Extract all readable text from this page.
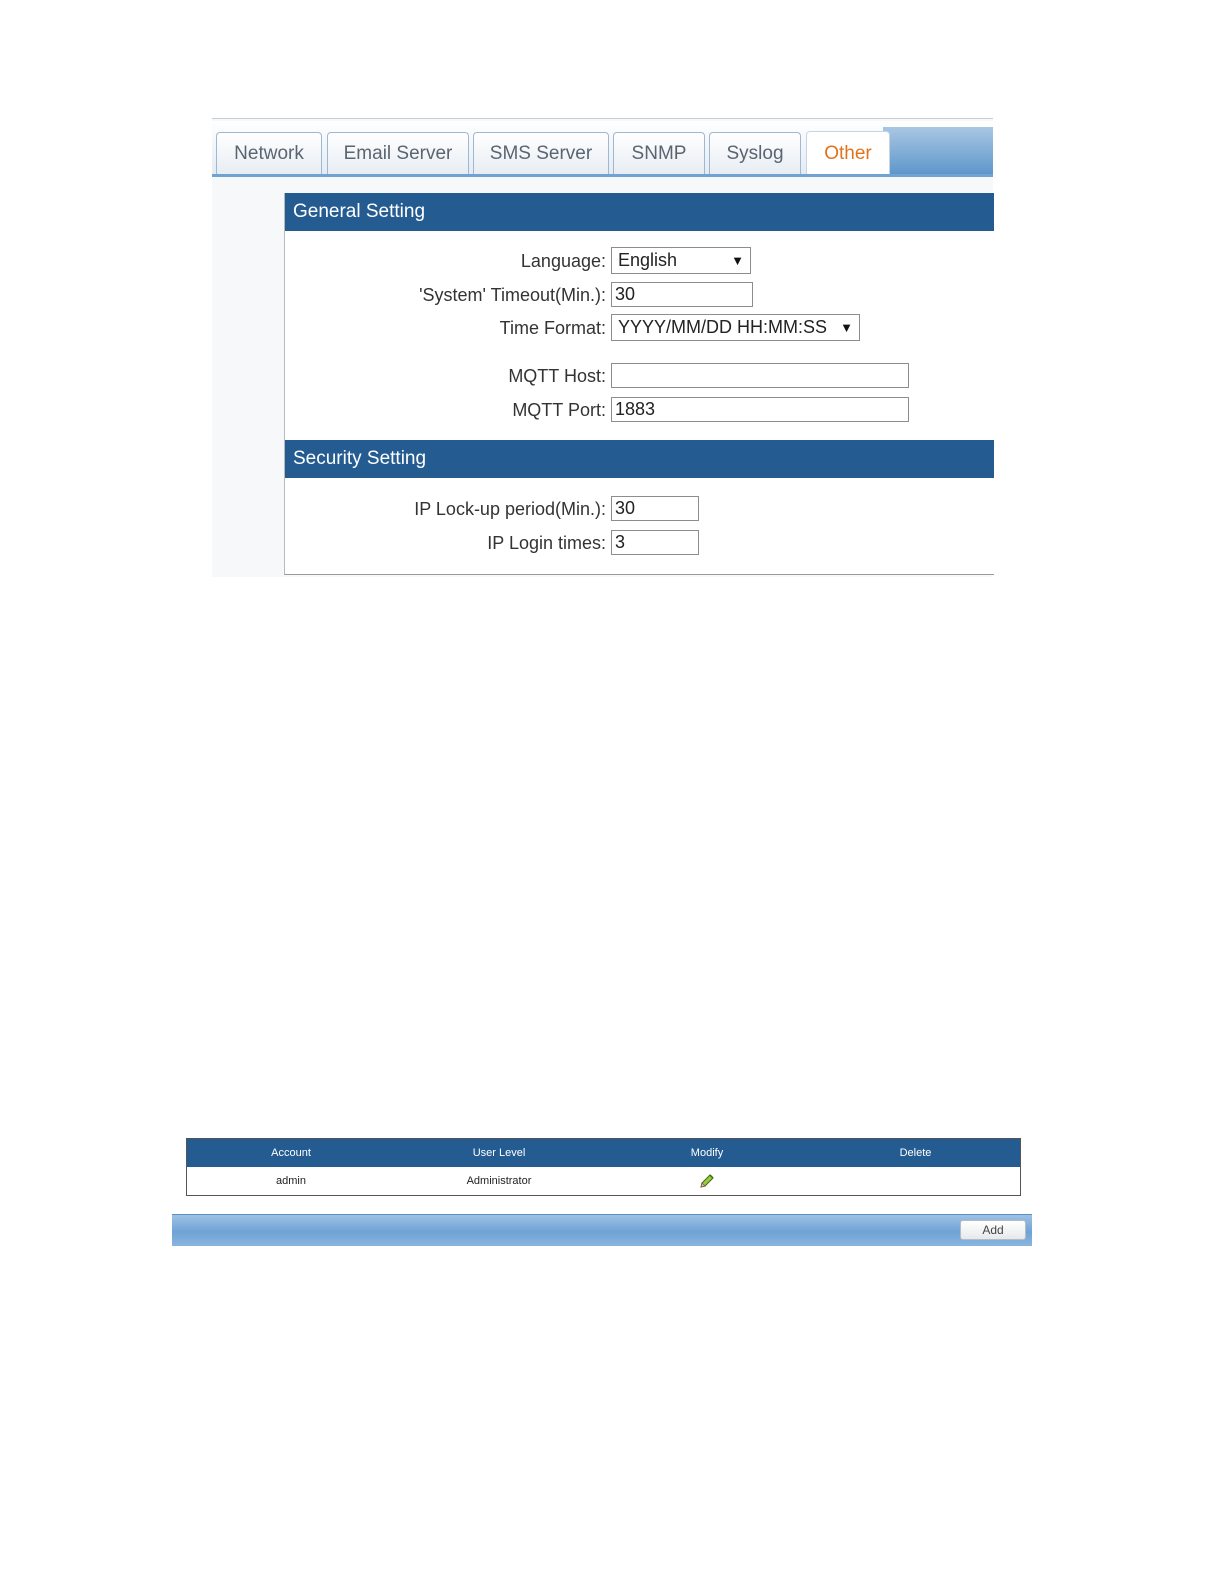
Network	Email Server	SMS Server	SNMP	Syslog	Other
General Setting
Language: English	▼
'System' Timeout(Min.): 30
Time Format: YYYY/MM/DD HH:MM:SS ▼
MQTT Host:
MQTT Port: 1883
Security Setting
IP Lock-up period(Min.): 30
IP Login times: 3
Account	User Level	Modify	Delete
admin	Administrator
Add
